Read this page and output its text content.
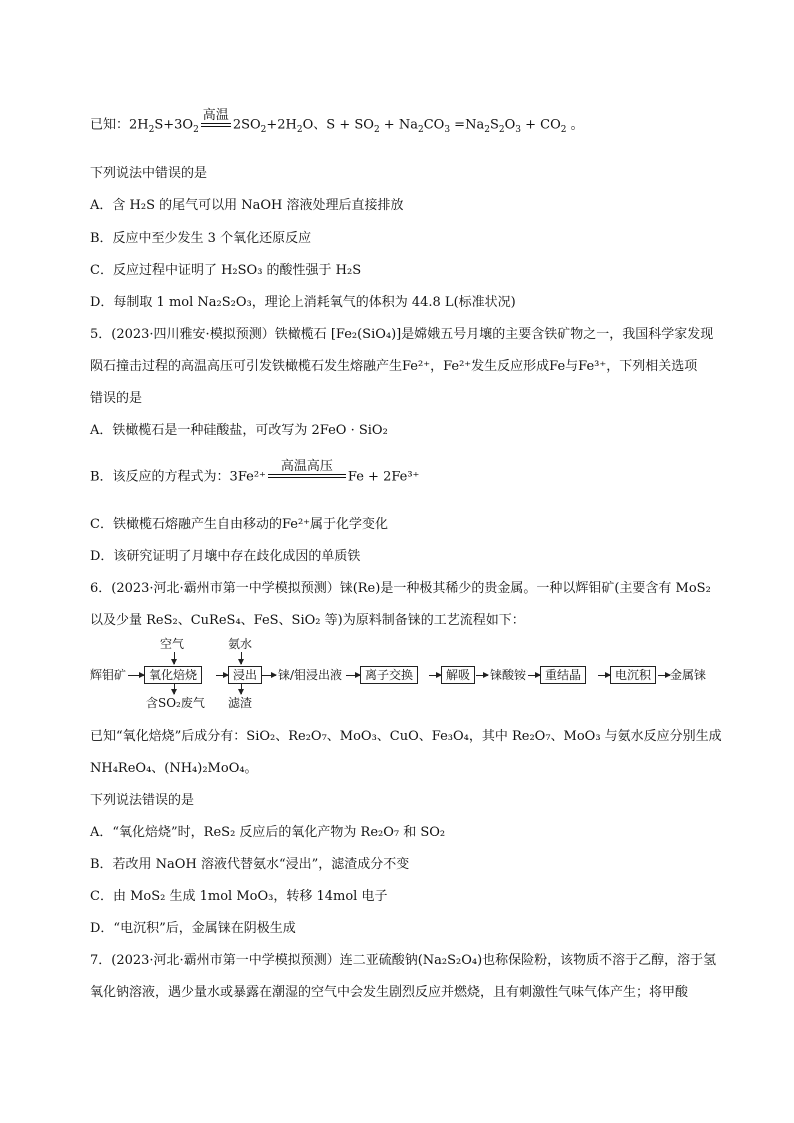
已知：$2H_2S+3O_2$
高温
$2SO_2+2H_2O$、$S + SO_2 + Na_2CO_3 =Na_2S_2O_3 + CO_2$ 。
下列说法中错误的是
A．含 H₂S 的尾气可以用 NaOH 溶液处理后直接排放
B．反应中至少发生 3 个氧化还原反应
C．反应过程中证明了 H₂SO₃ 的酸性强于 H₂S
D．每制取 1 mol Na₂S₂O₃，理论上消耗氧气的体积为 44.8 L(标准状况)
5．(2023·四川雅安·模拟预测）铁橄榄石 [Fe₂(SiO₄)]是嫦娥五号月壤的主要含铁矿物之一，我国科学家发现
陨石撞击过程的高温高压可引发铁橄榄石发生熔融产生Fe²⁺，Fe²⁺发生反应形成Fe与Fe³⁺，下列相关选项
错误的是
A．铁橄榄石是一种硅酸盐，可改写为 2FeO · SiO₂
B．该反应的方程式为：3Fe²⁺
高温高压
Fe + 2Fe³⁺
C．铁橄榄石熔融产生自由移动的Fe²⁺属于化学变化
D．该研究证明了月壤中存在歧化成因的单质铁
6．(2023·河北·霸州市第一中学模拟预测）铼(Re)是一种极其稀少的贵金属。一种以辉钼矿(主要含有 MoS₂
以及少量 ReS₂、CuReS₄、FeS、SiO₂ 等)为原料制备铼的工艺流程如下：
辉钼矿
空气
氧化焙烧
含SO₂废气
氨水
浸出
滤渣
铼/钼浸出液	离子交换	解吸	铼酸铵	重结晶	电沉积	金属铼
已知“氧化焙烧”后成分有：SiO₂、Re₂O₇、MoO₃、CuO、Fe₃O₄，其中 Re₂O₇、MoO₃ 与氨水反应分别生成
NH₄ReO₄、(NH₄)₂MoO₄。
下列说法错误的是
A．“氧化焙烧”时，ReS₂ 反应后的氧化产物为 Re₂O₇ 和 SO₂
B．若改用 NaOH 溶液代替氨水“浸出”，滤渣成分不变
C．由 MoS₂ 生成 1mol MoO₃，转移 14mol 电子
D．“电沉积”后，金属铼在阴极生成
7．(2023·河北·霸州市第一中学模拟预测）连二亚硫酸钠(Na₂S₂O₄)也称保险粉，该物质不溶于乙醇，溶于氢
氧化钠溶液，遇少量水或暴露在潮湿的空气中会发生剧烈反应并燃烧，且有刺激性气味气体产生；将甲酸
